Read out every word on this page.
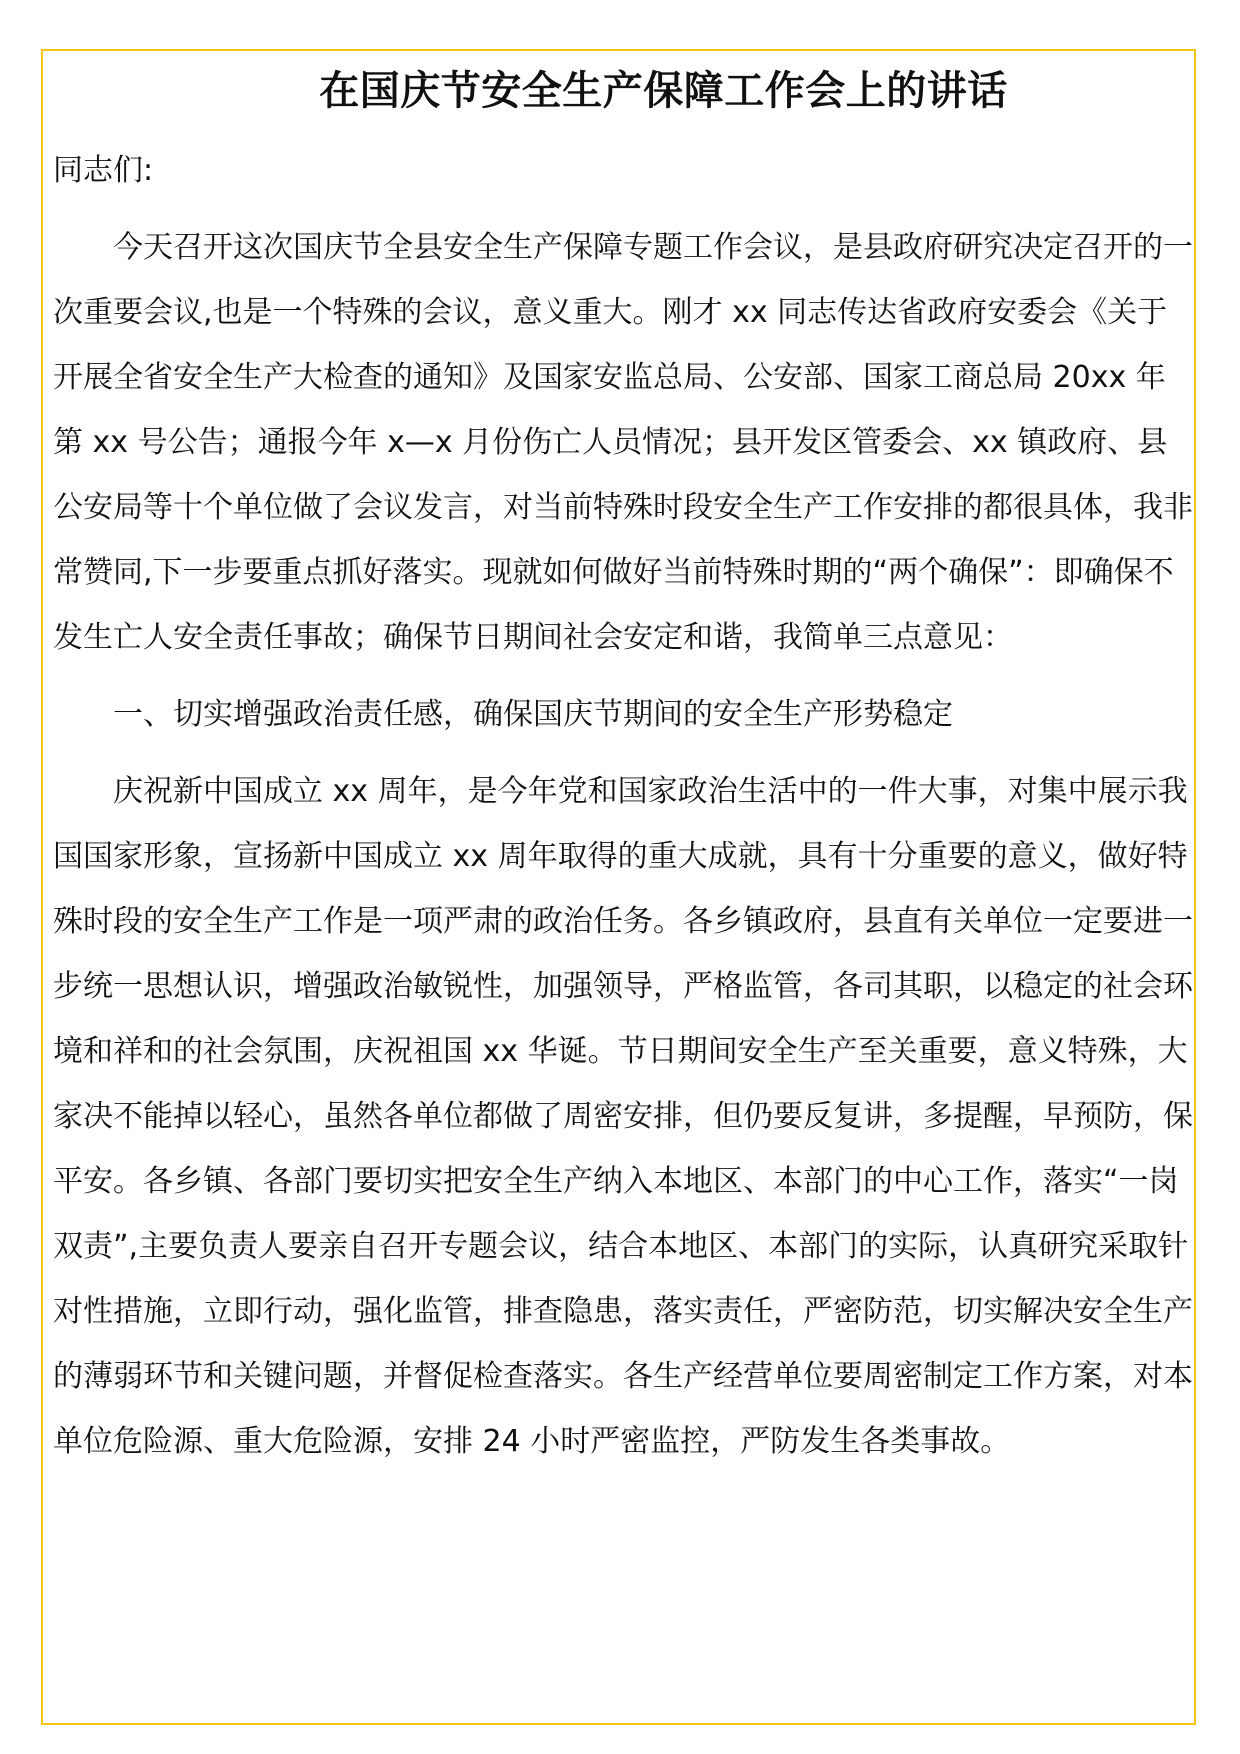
在国庆节安全生产保障工作会上的讲话

同志们:

今天召开这次国庆节全县安全生产保障专题工作会议，是县政府研究决定召开的一次重要会议,也是一个特殊的会议，意义重大。刚才 xx 同志传达省政府安委会《关于开展全省安全生产大检查的通知》及国家安监总局、公安部、国家工商总局 20xx 年第 xx 号公告；通报今年 x—x 月份伤亡人员情况；县开发区管委会、xx 镇政府、县公安局等十个单位做了会议发言，对当前特殊时段安全生产工作安排的都很具体，我非常赞同,下一步要重点抓好落实。现就如何做好当前特殊时期的“两个确保”：即确保不发生亡人安全责任事故；确保节日期间社会安定和谐，我简单三点意见：

一、切实增强政治责任感，确保国庆节期间的安全生产形势稳定

庆祝新中国成立 xx 周年，是今年党和国家政治生活中的一件大事，对集中展示我国国家形象，宣扬新中国成立 xx 周年取得的重大成就，具有十分重要的意义，做好特殊时段的安全生产工作是一项严肃的政治任务。各乡镇政府，县直有关单位一定要进一步统一思想认识，增强政治敏锐性，加强领导，严格监管，各司其职，以稳定的社会环境和祥和的社会氛围，庆祝祖国 xx 华诞。节日期间安全生产至关重要，意义特殊，大家决不能掉以轻心，虽然各单位都做了周密安排，但仍要反复讲，多提醒，早预防，保平安。各乡镇、各部门要切实把安全生产纳入本地区、本部门的中心工作，落实“一岗双责”,主要负责人要亲自召开专题会议，结合本地区、本部门的实际，认真研究采取针对性措施，立即行动，强化监管，排查隐患，落实责任，严密防范，切实解决安全生产的薄弱环节和关键问题，并督促检查落实。各生产经营单位要周密制定工作方案，对本单位危险源、重大危险源，安排 24 小时严密监控，严防发生各类事故。
